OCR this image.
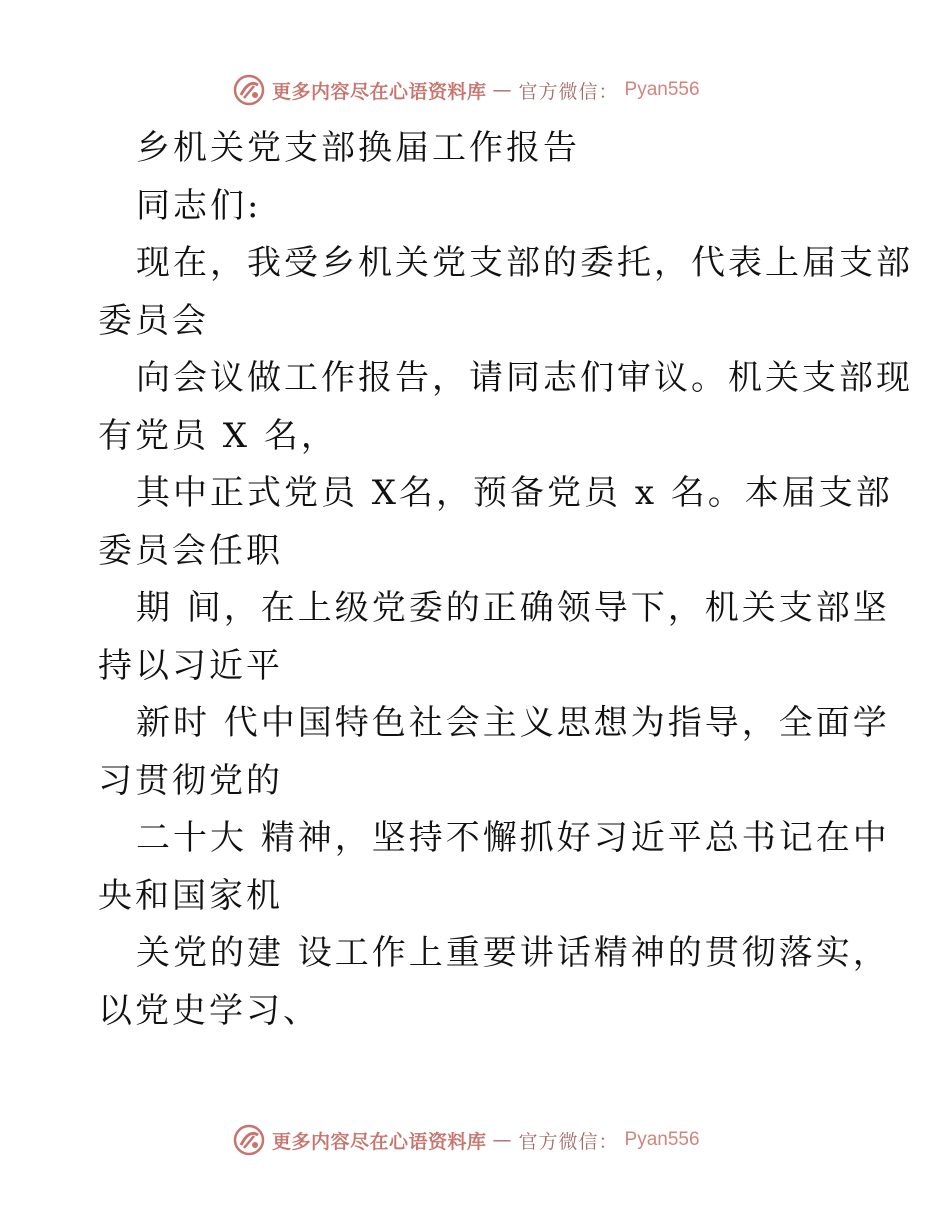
更多内容尽在心语资料库 — 官方微信： Pyan556
乡机关党支部换届工作报告
同志们:
现在，我受乡机关党支部的委托，代表上届支部
委员会
向会议做工作报告，请同志们审议。机关支部现
有党员 X 名，
其中正式党员 X名，预备党员 x 名。本届支部
委员会任职
期 间，在上级党委的正确领导下，机关支部坚
持以习近平
新时 代中国特色社会主义思想为指导，全面学
习贯彻党的
二十大 精神，坚持不懈抓好习近平总书记在中
央和国家机
关党的建 设工作上重要讲话精神的贯彻落实，
以党史学习、
更多内容尽在心语资料库 — 官方微信： Pyan556
